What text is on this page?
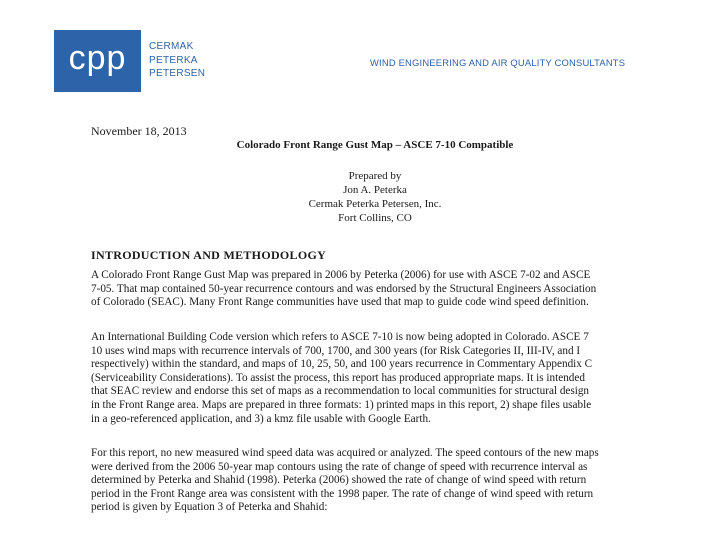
cpp CERMAK
PETERKA
PETERSEN
WIND ENGINEERING AND AIR QUALITY CONSULTANTS
November 18, 2013
Colorado Front Range Gust Map – ASCE 7-10 Compatible
Prepared by
Jon A. Peterka
Cermak Peterka Petersen, Inc.
Fort Collins, CO
INTRODUCTION AND METHODOLOGY
A Colorado Front Range Gust Map was prepared in 2006 by Peterka (2006) for use with ASCE 7-02 and ASCE
7-05. That map contained 50-year recurrence contours and was endorsed by the Structural Engineers Association
of Colorado (SEAC). Many Front Range communities have used that map to guide code wind speed definition.
An International Building Code version which refers to ASCE 7-10 is now being adopted in Colorado. ASCE 7
10 uses wind maps with recurrence intervals of 700, 1700, and 300 years (for Risk Categories II, III-IV, and I
respectively) within the standard, and maps of 10, 25, 50, and 100 years recurrence in Commentary Appendix C
(Serviceability Considerations). To assist the process, this report has produced appropriate maps. It is intended
that SEAC review and endorse this set of maps as a recommendation to local communities for structural design
in the Front Range area. Maps are prepared in three formats: 1) printed maps in this report, 2) shape files usable
in a geo-referenced application, and 3) a kmz file usable with Google Earth.
For this report, no new measured wind speed data was acquired or analyzed. The speed contours of the new maps
were derived from the 2006 50-year map contours using the rate of change of speed with recurrence interval as
determined by Peterka and Shahid (1998). Peterka (2006) showed the rate of change of wind speed with return
period in the Front Range area was consistent with the 1998 paper. The rate of change of wind speed with return
period is given by Equation 3 of Peterka and Shahid:
